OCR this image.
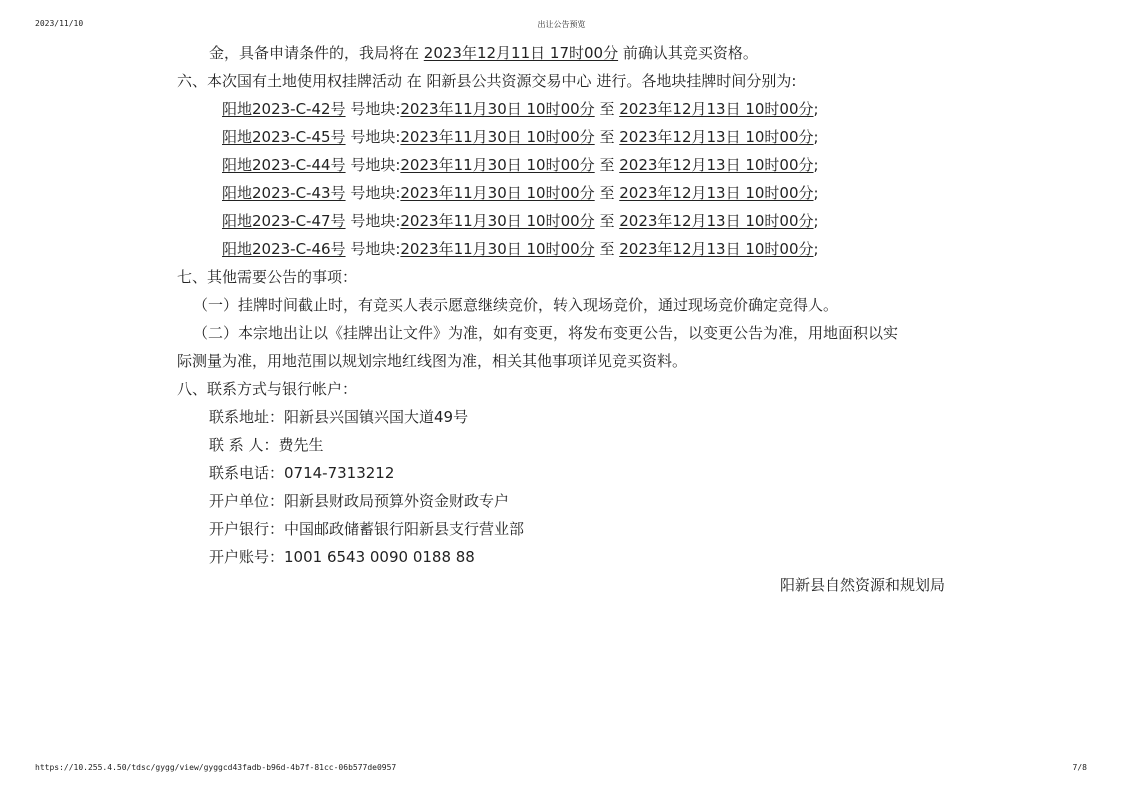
2023/11/10	出让公告预览
金，具备申请条件的，我局将在 2023年12月11日 17时00分 前确认其竞买资格。
六、本次国有土地使用权挂牌活动 在 阳新县公共资源交易中心 进行。各地块挂牌时间分别为:
阳地2023-C-42号 号地块:2023年11月30日 10时00分 至 2023年12月13日 10时00分;
阳地2023-C-45号 号地块:2023年11月30日 10时00分 至 2023年12月13日 10时00分;
阳地2023-C-44号 号地块:2023年11月30日 10时00分 至 2023年12月13日 10时00分;
阳地2023-C-43号 号地块:2023年11月30日 10时00分 至 2023年12月13日 10时00分;
阳地2023-C-47号 号地块:2023年11月30日 10时00分 至 2023年12月13日 10时00分;
阳地2023-C-46号 号地块:2023年11月30日 10时00分 至 2023年12月13日 10时00分;
七、其他需要公告的事项：
（一）挂牌时间截止时，有竞买人表示愿意继续竞价，转入现场竞价，通过现场竞价确定竞得人。
（二）本宗地出让以《挂牌出让文件》为准，如有变更，将发布变更公告，以变更公告为准，用地面积以实
际测量为准，用地范围以规划宗地红线图为准，相关其他事项详见竞买资料。
八、联系方式与银行帐户：
联系地址：阳新县兴国镇兴国大道49号
联 系 人：费先生
联系电话：0714-7313212
开户单位：阳新县财政局预算外资金财政专户
开户银行：中国邮政储蓄银行阳新县支行营业部
开户账号：1001 6543 0090 0188 88
阳新县自然资源和规划局
https://10.255.4.50/tdsc/gygg/view/gyggcd43fadb-b96d-4b7f-81cc-06b577de0957	7/8
